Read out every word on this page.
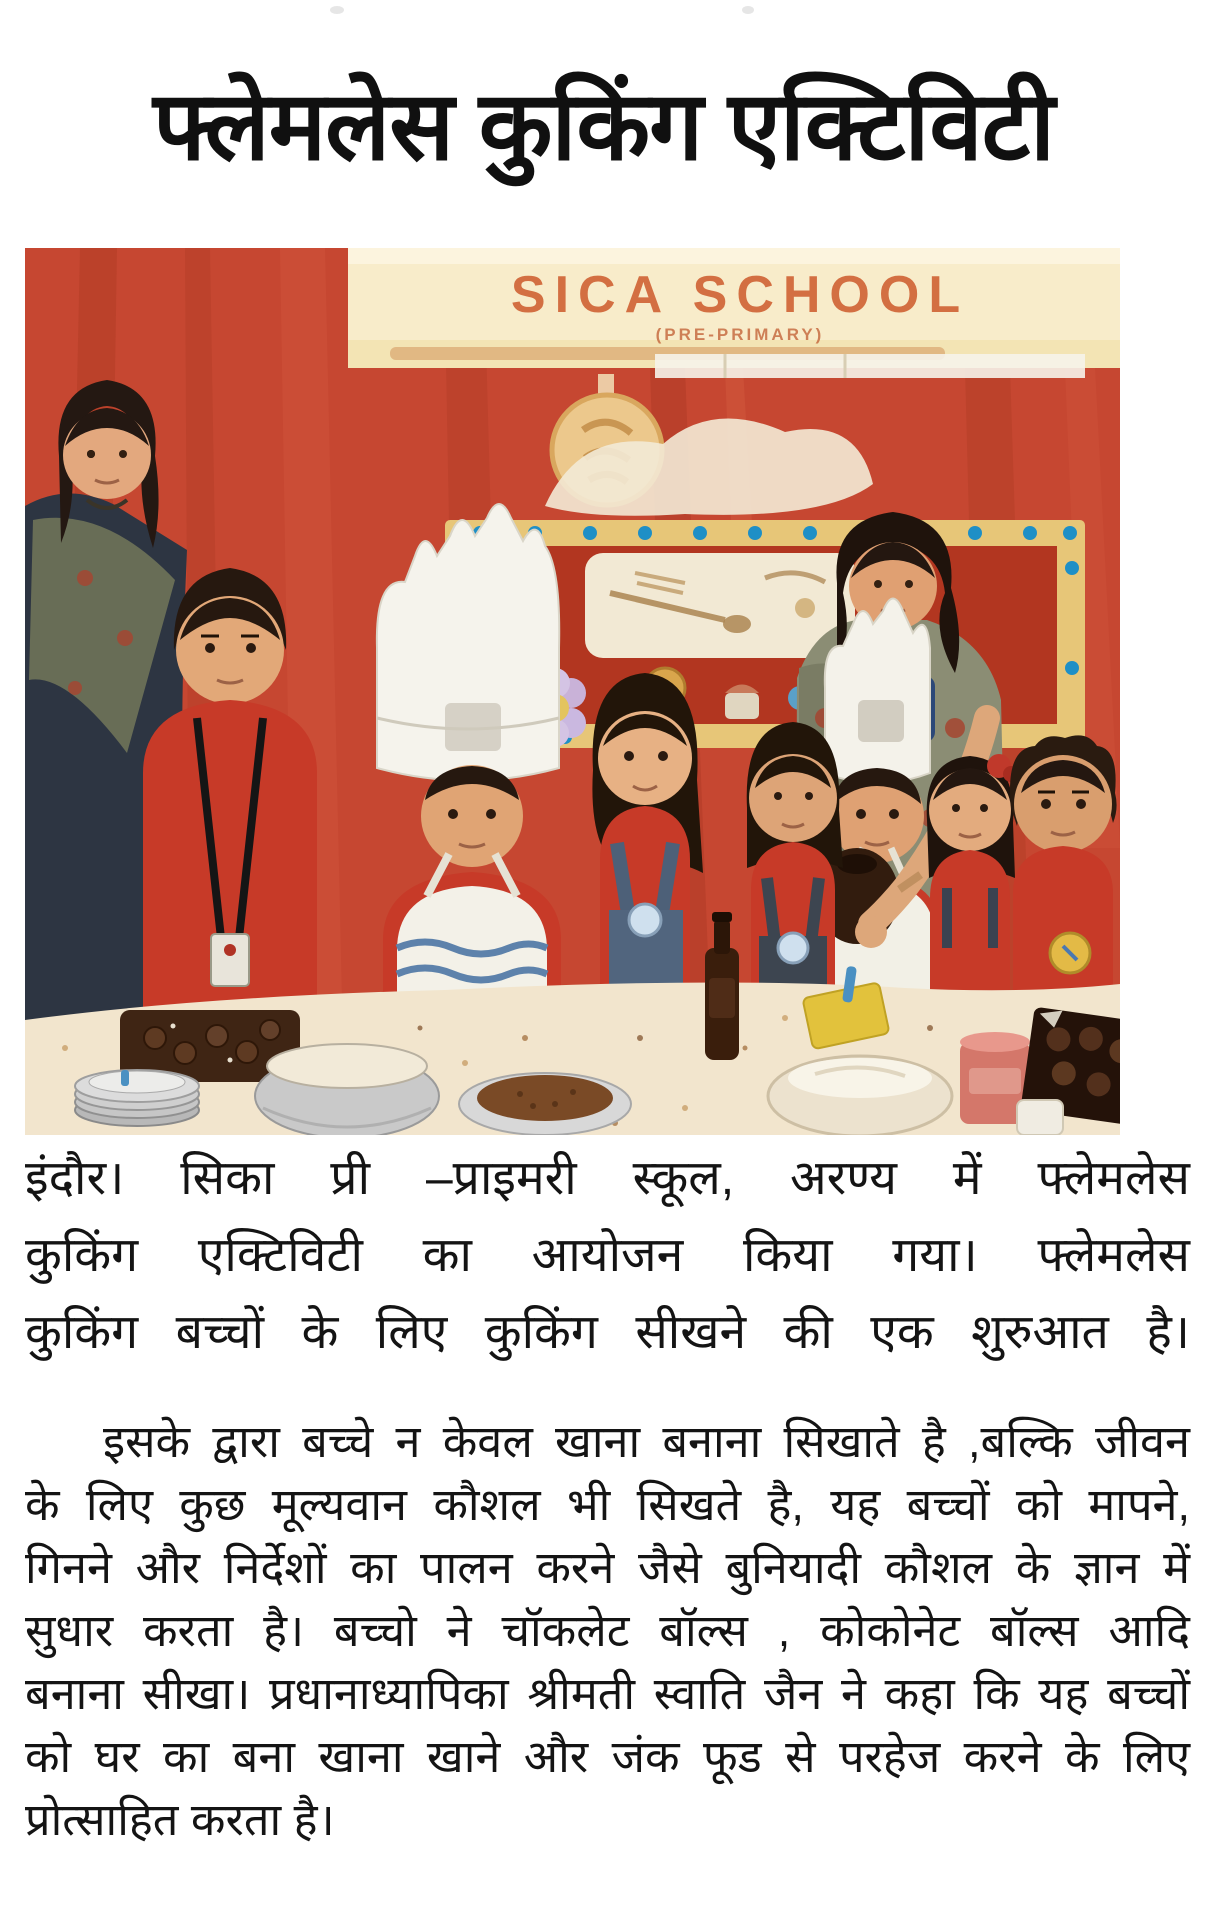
फ्लेमलेस कुकिंग एक्टिविटी
SICA SCHOOL
(PRE-PRIMARY)
इंदौर। सिका प्री –प्राइमरी स्कूल, अरण्य में फ्लेमलेस
कुकिंग एक्टिविटी का आयोजन किया गया। फ्लेमलेस
कुकिंग बच्चों के लिए कुकिंग सीखने की एक शुरुआत है।
इसके द्वारा बच्चे न केवल खाना बनाना सिखाते है ,बल्कि जीवन
के लिए कुछ मूल्यवान कौशल भी सिखते है, यह बच्चों को मापने,
गिनने और निर्देशों का पालन करने जैसे बुनियादी कौशल के ज्ञान में
सुधार करता है। बच्चो ने चॉकलेट बॉल्स , कोकोनेट बॉल्स आदि
बनाना सीखा। प्रधानाध्यापिका श्रीमती स्वाति जैन ने कहा कि यह बच्चों
को घर का बना खाना खाने और जंक फूड से परहेज करने के लिए
प्रोत्साहित करता है।
